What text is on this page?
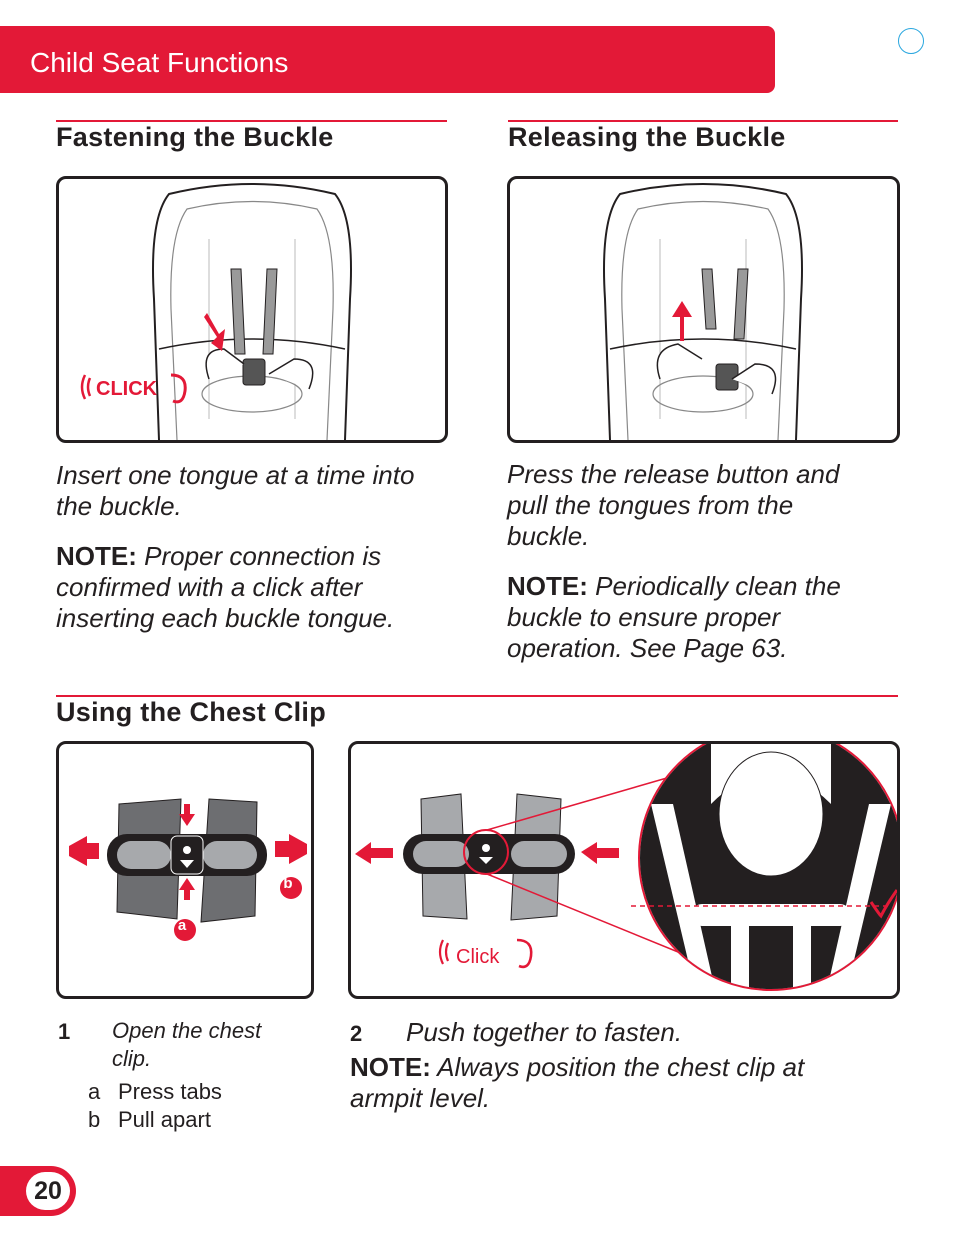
Child Seat Functions
Fastening the Buckle	Releasing the Buckle
CLICK
Insert one tongue at a time into the buckle.
NOTE: Proper connection is confirmed with a click after inserting each buckle tongue.
Press the release button and pull the tongues from the buckle.
NOTE: Periodically clean the buckle to ensure proper operation. See Page 63.
Using the Chest Clip
a
b
Click
1 Open the chest clip.
a Press tabs
b Pull apart
2 Push together to fasten.
NOTE: Always position the chest clip at armpit level.
20
